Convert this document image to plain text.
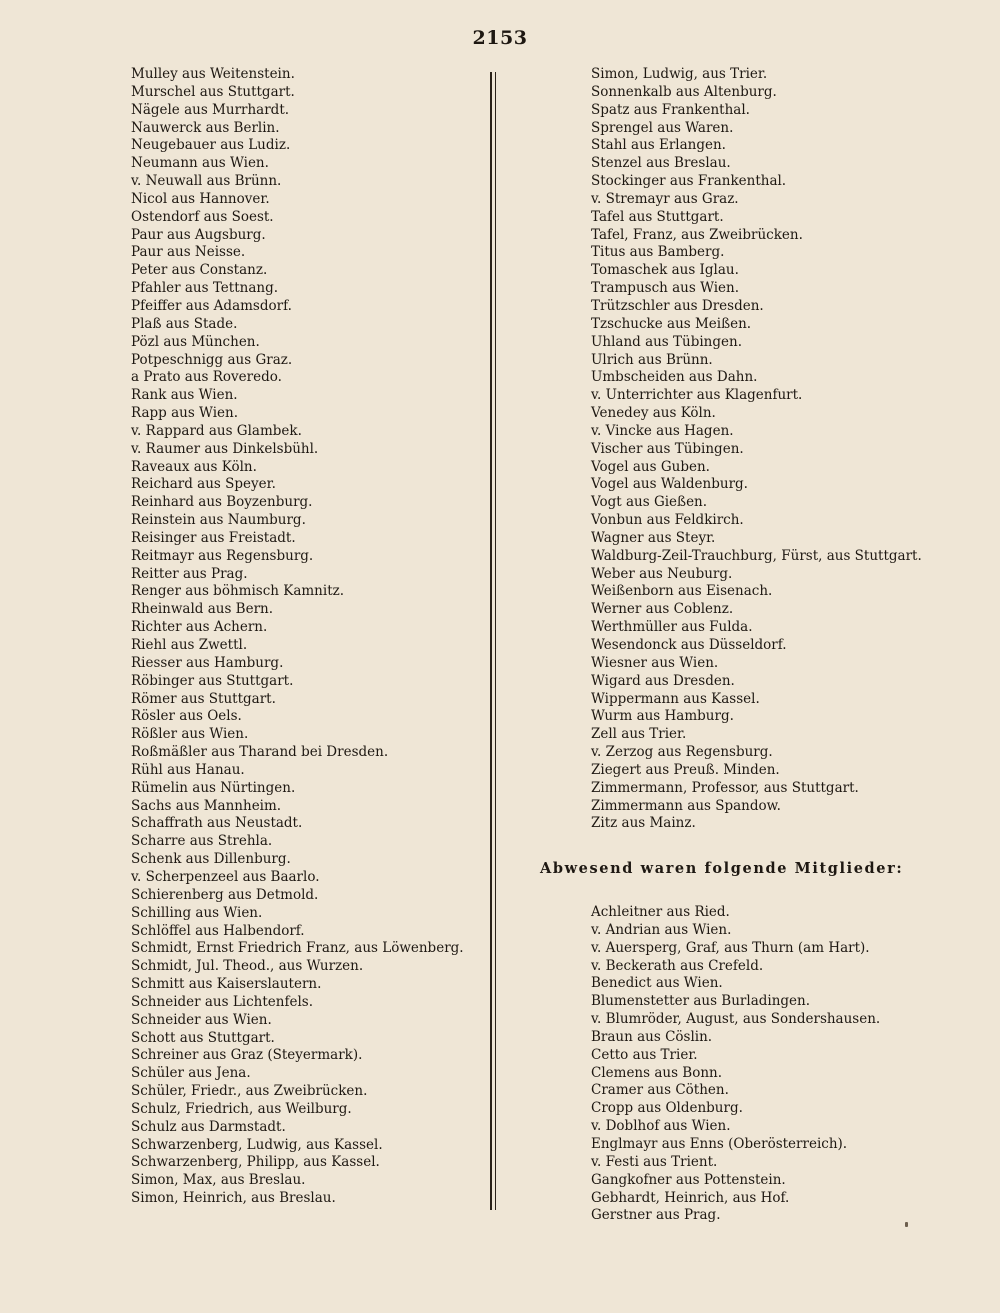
2153
Mulley aus Weitenstein.
Murschel aus Stuttgart.
Nägele aus Murrhardt.
Nauwerck aus Berlin.
Neugebauer aus Ludiz.
Neumann aus Wien.
v. Neuwall aus Brünn.
Nicol aus Hannover.
Ostendorf aus Soest.
Paur aus Augsburg.
Paur aus Neisse.
Peter aus Constanz.
Pfahler aus Tettnang.
Pfeiffer aus Adamsdorf.
Plaß aus Stade.
Pözl aus München.
Potpeschnigg aus Graz.
a Prato aus Roveredo.
Rank aus Wien.
Rapp aus Wien.
v. Rappard aus Glambek.
v. Raumer aus Dinkelsbühl.
Raveaux aus Köln.
Reichard aus Speyer.
Reinhard aus Boyzenburg.
Reinstein aus Naumburg.
Reisinger aus Freistadt.
Reitmayr aus Regensburg.
Reitter aus Prag.
Renger aus böhmisch Kamnitz.
Rheinwald aus Bern.
Richter aus Achern.
Riehl aus Zwettl.
Riesser aus Hamburg.
Röbinger aus Stuttgart.
Römer aus Stuttgart.
Rösler aus Oels.
Rößler aus Wien.
Roßmäßler aus Tharand bei Dresden.
Rühl aus Hanau.
Rümelin aus Nürtingen.
Sachs aus Mannheim.
Schaffrath aus Neustadt.
Scharre aus Strehla.
Schenk aus Dillenburg.
v. Scherpenzeel aus Baarlo.
Schierenberg aus Detmold.
Schilling aus Wien.
Schlöffel aus Halbendorf.
Schmidt, Ernst Friedrich Franz, aus Löwenberg.
Schmidt, Jul. Theod., aus Wurzen.
Schmitt aus Kaiserslautern.
Schneider aus Lichtenfels.
Schneider aus Wien.
Schott aus Stuttgart.
Schreiner aus Graz (Steyermark).
Schüler aus Jena.
Schüler, Friedr., aus Zweibrücken.
Schulz, Friedrich, aus Weilburg.
Schulz aus Darmstadt.
Schwarzenberg, Ludwig, aus Kassel.
Schwarzenberg, Philipp, aus Kassel.
Simon, Max, aus Breslau.
Simon, Heinrich, aus Breslau.
Simon, Ludwig, aus Trier.
Sonnenkalb aus Altenburg.
Spatz aus Frankenthal.
Sprengel aus Waren.
Stahl aus Erlangen.
Stenzel aus Breslau.
Stockinger aus Frankenthal.
v. Stremayr aus Graz.
Tafel aus Stuttgart.
Tafel, Franz, aus Zweibrücken.
Titus aus Bamberg.
Tomaschek aus Iglau.
Trampusch aus Wien.
Trützschler aus Dresden.
Tzschucke aus Meißen.
Uhland aus Tübingen.
Ulrich aus Brünn.
Umbscheiden aus Dahn.
v. Unterrichter aus Klagenfurt.
Venedey aus Köln.
v. Vincke aus Hagen.
Vischer aus Tübingen.
Vogel aus Guben.
Vogel aus Waldenburg.
Vogt aus Gießen.
Vonbun aus Feldkirch.
Wagner aus Steyr.
Waldburg-Zeil-Trauchburg, Fürst, aus Stuttgart.
Weber aus Neuburg.
Weißenborn aus Eisenach.
Werner aus Coblenz.
Werthmüller aus Fulda.
Wesendonck aus Düsseldorf.
Wiesner aus Wien.
Wigard aus Dresden.
Wippermann aus Kassel.
Wurm aus Hamburg.
Zell aus Trier.
v. Zerzog aus Regensburg.
Ziegert aus Preuß. Minden.
Zimmermann, Professor, aus Stuttgart.
Zimmermann aus Spandow.
Zitz aus Mainz.
Abwesend waren folgende Mitglieder:
Achleitner aus Ried.
v. Andrian aus Wien.
v. Auersperg, Graf, aus Thurn (am Hart).
v. Beckerath aus Crefeld.
Benedict aus Wien.
Blumenstetter aus Burladingen.
v. Blumröder, August, aus Sondershausen.
Braun aus Cöslin.
Cetto aus Trier.
Clemens aus Bonn.
Cramer aus Cöthen.
Cropp aus Oldenburg.
v. Doblhof aus Wien.
Englmayr aus Enns (Oberösterreich).
v. Festi aus Trient.
Gangkofner aus Pottenstein.
Gebhardt, Heinrich, aus Hof.
Gerstner aus Prag.
